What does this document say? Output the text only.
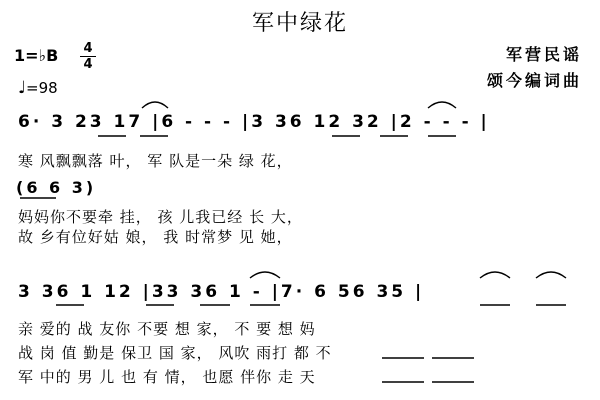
军中绿花
1=♭B 4
4
♩=98
军营民谣
颂今编词曲
6· 3 23 17 |6 - - - |3 36 12 32 |2 - - - |
寒 风飘飘落 叶， 军 队是一朵 绿 花，
(6 6 3)
妈妈你不要牵 挂， 孩 儿我已经 长 大，
故 乡有位好姑 娘， 我 时常梦 见 她，
3 36 1 12 |33 36 1 - |7· 6 56 35 |
亲 爱的 战 友你 不要 想 家， 不 要 想 妈
战 岗 值 勤是 保卫 国 家， 风吹 雨打 都 不
军 中的 男 儿 也 有 情， 也愿 伴你 走 天
